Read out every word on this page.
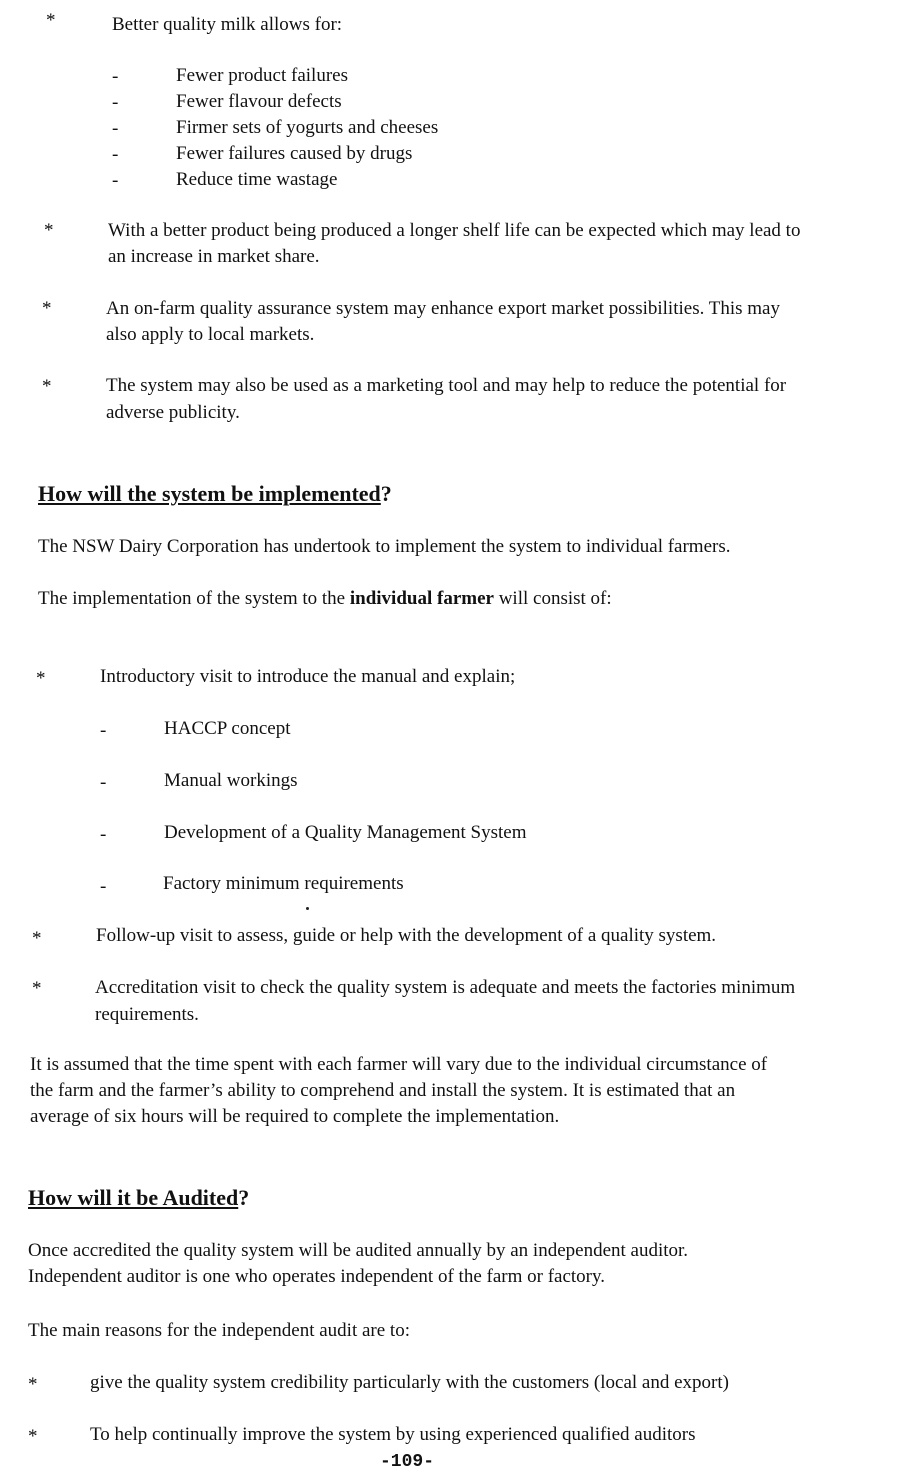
*	Better quality milk allows for:
-	Fewer product failures
-	Fewer flavour defects
-	Firmer sets of yogurts and cheeses
-	Fewer failures caused by drugs
-	Reduce time wastage
*	With a better product being produced a longer shelf life can be expected which may lead to
an increase in market share.
*	An on-farm quality assurance system may enhance export market possibilities. This may
also apply to local markets.
*	The system may also be used as a marketing tool and may help to reduce the potential for
adverse publicity.
How will the system be implemented?
The NSW Dairy Corporation has undertook to implement the system to individual farmers.
The implementation of the system to the individual farmer will consist of:
*	Introductory visit to introduce the manual and explain;
-	HACCP concept
-	Manual workings
-	Development of a Quality Management System
-	Factory minimum requirements
*	Follow-up visit to assess, guide or help with the development of a quality system.
*	Accreditation visit to check the quality system is adequate and meets the factories minimum
requirements.
It is assumed that the time spent with each farmer will vary due to the individual circumstance of
the farm and the farmer’s ability to comprehend and install the system. It is estimated that an
average of six hours will be required to complete the implementation.
How will it be Audited?
Once accredited the quality system will be audited annually by an independent auditor.
Independent auditor is one who operates independent of the farm or factory.
The main reasons for the independent audit are to:
*	give the quality system credibility particularly with the customers (local and export)
*	To help continually improve the system by using experienced qualified auditors
-109-
